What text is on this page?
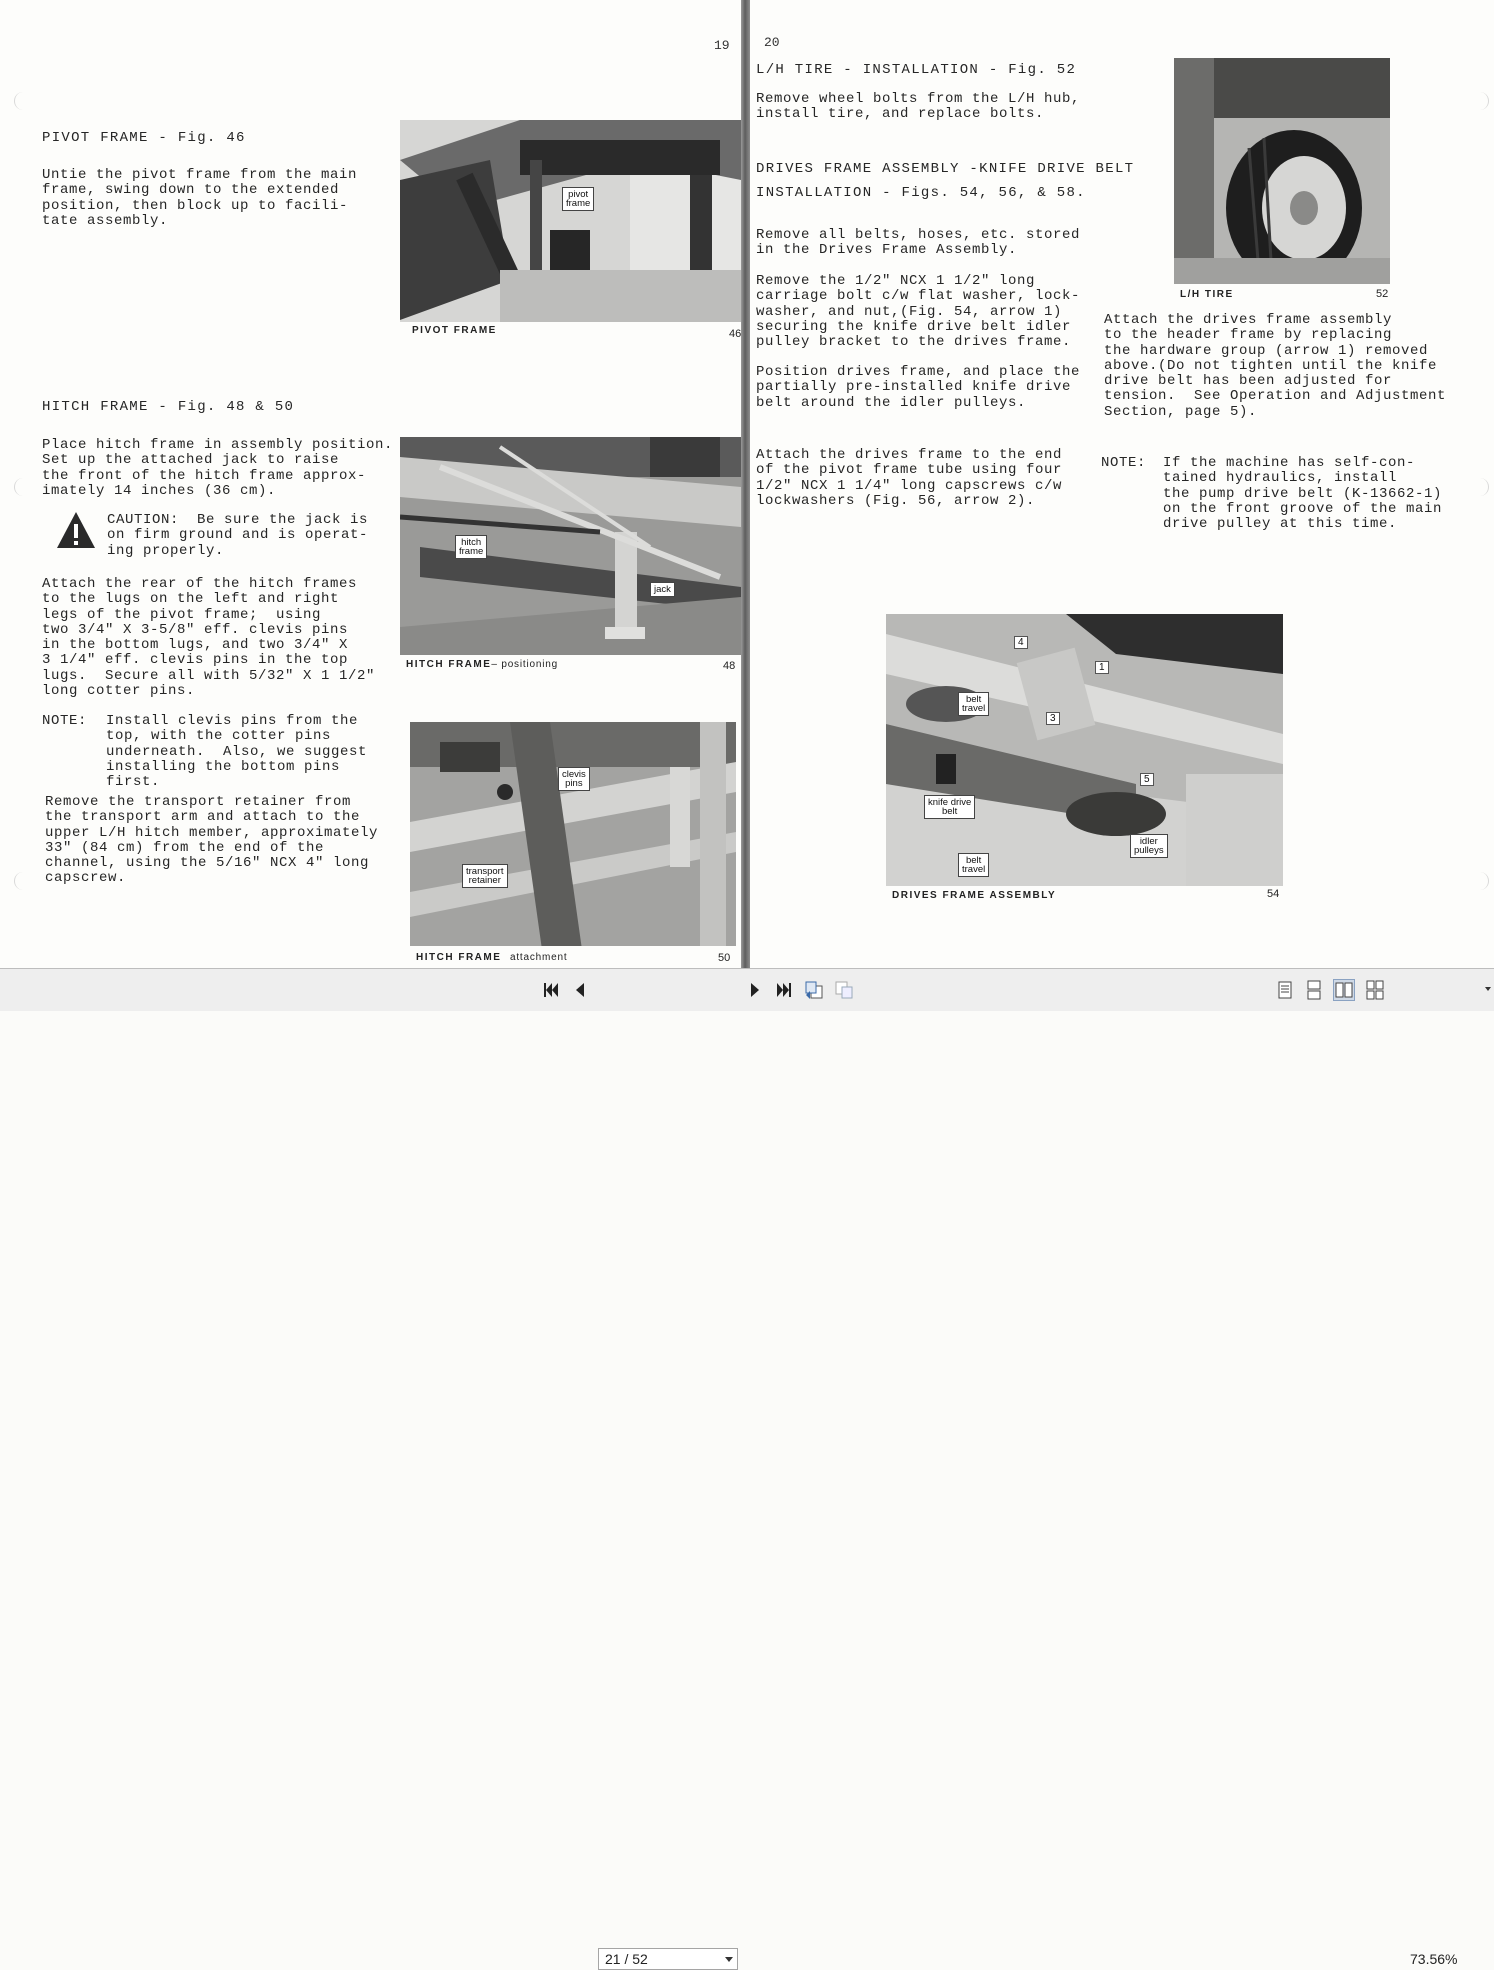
19
PIVOT FRAME - Fig. 46
Untie the pivot frame from the main
frame, swing down to the extended
position, then block up to facili-
tate assembly.
pivot
frame
PIVOT FRAME	46
HITCH FRAME - Fig. 48 & 50
Place hitch frame in assembly position.
Set up the attached jack to raise
the front of the hitch frame approx-
imately 14 inches (36 cm).
CAUTION:  Be sure the jack is
on firm ground and is operat-
ing properly.
Attach the rear of the hitch frames
to the lugs on the left and right
legs of the pivot frame;  using
two 3/4" X 3-5/8" eff. clevis pins
in the bottom lugs, and two 3/4" X
3 1/4" eff. clevis pins in the top
lugs.  Secure all with 5/32" X 1 1/2"
long cotter pins.
NOTE: Install clevis pins from the
top, with the cotter pins
underneath.  Also, we suggest
installing the bottom pins
first.
Remove the transport retainer from
the transport arm and attach to the
upper L/H hitch member, approximately
33" (84 cm) from the end of the
channel, using the 5/16" NCX 4" long
capscrew.
hitch
frame
jack
HITCH FRAME– positioning	48
clevis
pins
transport
retainer
HITCH FRAME attachment	50
20
L/H TIRE - INSTALLATION - Fig. 52
Remove wheel bolts from the L/H hub,
install tire, and replace bolts.
DRIVES FRAME ASSEMBLY -KNIFE DRIVE BELT
INSTALLATION - Figs. 54, 56, & 58.
Remove all belts, hoses, etc. stored
in the Drives Frame Assembly.
Remove the 1/2" NCX 1 1/2" long
carriage bolt c/w flat washer, lock-
washer, and nut,(Fig. 54, arrow 1)
securing the knife drive belt idler
pulley bracket to the drives frame.
Position drives frame, and place the
partially pre-installed knife drive
belt around the idler pulleys.
Attach the drives frame to the end
of the pivot frame tube using four
1/2" NCX 1 1/4" long capscrews c/w
lockwashers (Fig. 56, arrow 2).
L/H TIRE	52
Attach the drives frame assembly
to the header frame by replacing
the hardware group (arrow 1) removed
above.(Do not tighten until the knife
drive belt has been adjusted for
tension.  See Operation and Adjustment
Section, page 5).
NOTE: If the machine has self-con-
tained hydraulics, install
the pump drive belt (K-13662-1)
on the front groove of the main
drive pulley at this time.
belt
travel
knife drive
belt
belt
travel
idler
pulleys
1
3
4
5
DRIVES FRAME ASSEMBLY	54
21 / 52	73.56%
